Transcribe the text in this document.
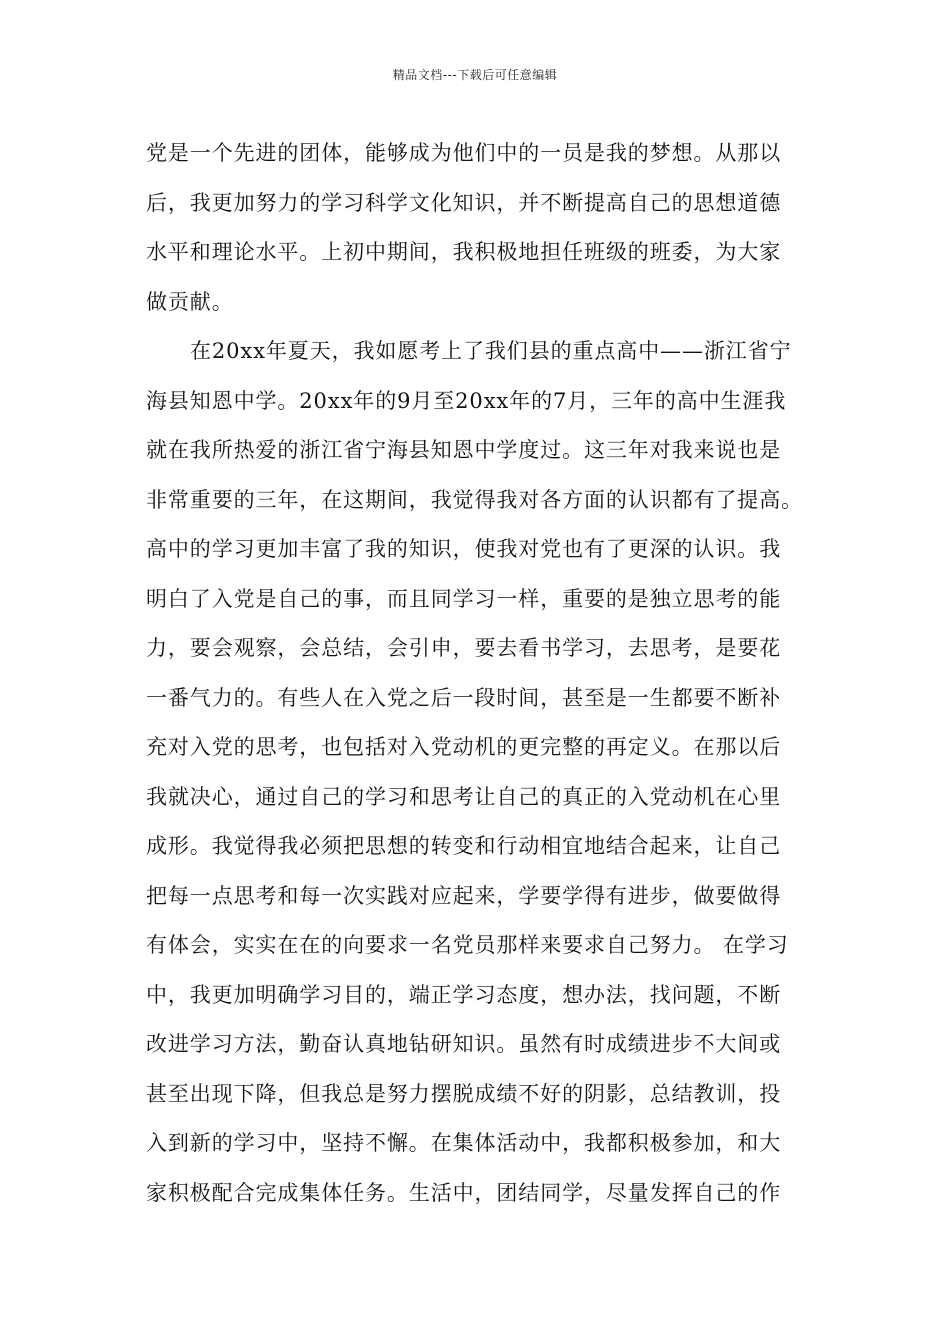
精品文档---下载后可任意编辑
党是一个先进的团体，能够成为他们中的一员是我的梦想。从那以
后，我更加努力的学习科学文化知识，并不断提高自己的思想道德
水平和理论水平。上初中期间，我积极地担任班级的班委，为大家
做贡献。
在20xx年夏天，我如愿考上了我们县的重点高中——浙江省宁
海县知恩中学。20xx年的9月至20xx年的7月，三年的高中生涯我
就在我所热爱的浙江省宁海县知恩中学度过。这三年对我来说也是
非常重要的三年，在这期间，我觉得我对各方面的认识都有了提高。
高中的学习更加丰富了我的知识，使我对党也有了更深的认识。我
明白了入党是自己的事，而且同学习一样，重要的是独立思考的能
力，要会观察，会总结，会引申，要去看书学习，去思考，是要花
一番气力的。有些人在入党之后一段时间，甚至是一生都要不断补
充对入党的思考，也包括对入党动机的更完整的再定义。在那以后
我就决心，通过自己的学习和思考让自己的真正的入党动机在心里
成形。我觉得我必须把思想的转变和行动相宜地结合起来，让自己
把每一点思考和每一次实践对应起来，学要学得有进步，做要做得
有体会，实实在在的向要求一名党员那样来要求自己努力。 在学习
中，我更加明确学习目的，端正学习态度，想办法，找问题，不断
改进学习方法，勤奋认真地钻研知识。虽然有时成绩进步不大间或
甚至出现下降，但我总是努力摆脱成绩不好的阴影，总结教训，投
入到新的学习中，坚持不懈。在集体活动中，我都积极参加，和大
家积极配合完成集体任务。生活中，团结同学，尽量发挥自己的作
